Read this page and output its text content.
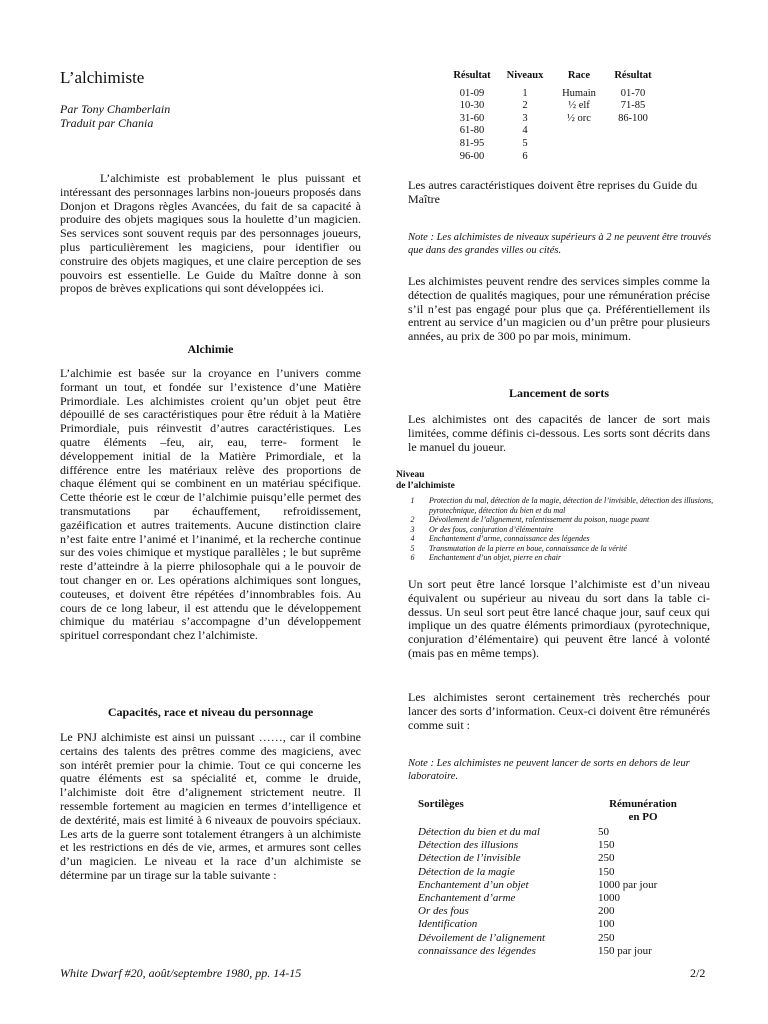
L’alchimiste
Par Tony Chamberlain
Traduit par Chania

L’alchimiste est probablement le plus puissant et intéressant des personnages larbins non-joueurs proposés dans Donjon et Dragons règles Avancées, du fait de sa capacité à produire des objets magiques sous la houlette d’un magicien. Ses services sont souvent requis par des personnages joueurs, plus particulièrement les magiciens, pour identifier ou construire des objets magiques, et une claire perception de ses pouvoirs est essentielle. Le Guide du Maître donne à son propos de brèves explications qui sont développées ici.

Alchimie

L’alchimie est basée sur la croyance en l’univers comme formant un tout, et fondée sur l’existence d’une Matière Primordiale. Les alchimistes croient qu’un objet peut être dépouillé de ses caractéristiques pour être réduit à la Matière Primordiale, puis réinvestit d’autres caractéristiques. Les quatre éléments –feu, air, eau, terre- forment le développement initial de la Matière Primordiale, et la différence entre les matériaux relève des proportions de chaque élément qui se combinent en un matériau spécifique. Cette théorie est le cœur de l’alchimie puisqu’elle permet des transmutations par échauffement, refroidissement, gazéification et autres traitements. Aucune distinction claire n’est faite entre l’animé et l’inanimé, et la recherche continue sur des voies chimique et mystique parallèles ; le but suprême reste d’atteindre à la pierre philosophale qui a le pouvoir de tout changer en or. Les opérations alchimiques sont longues, couteuses, et doivent être répétées d’innombrables fois. Au cours de ce long labeur, il est attendu que le développement chimique du matériau s’accompagne d’un développement spirituel correspondant chez l’alchimiste.

Capacités, race et niveau du personnage

Le PNJ alchimiste est ainsi un puissant ……, car il combine certains des talents des prêtres comme des magiciens, avec son intérêt premier pour la chimie. Tout ce qui concerne les quatre éléments est sa spécialité et, comme le druide, l’alchimiste doit être d’alignement strictement neutre. Il ressemble fortement au magicien en termes d’intelligence et de dextérité, mais est limité à 6 niveaux de pouvoirs spéciaux. Les arts de la guerre sont totalement étrangers à un alchimiste et les restrictions en dés de vie, armes, et armures sont celles d’un magicien. Le niveau et la race d’un alchimiste se détermine par un tirage sur la table suivante :

Résultat	Niveaux	Race	Résultat
01-09	1	Humain	01-70
10-30	2	½ elf	71-85
31-60	3	½ orc	86-100
61-80	4		
81-95	5		
96-00	6		

Les autres caractéristiques doivent être reprises du Guide du Maître

Note : Les alchimistes de niveaux supérieurs à 2 ne peuvent être trouvés que dans des grandes villes ou cités.

Les alchimistes peuvent rendre des services simples comme la détection de qualités magiques, pour une rémunération précise s’il n’est pas engagé pour plus que ça. Préférentiellement ils entrent au service d’un magicien ou d’un prêtre pour plusieurs années, au prix de 300 po par mois, minimum.

Lancement de sorts

Les alchimistes ont des capacités de lancer de sort mais limitées, comme définis ci-dessous. Les sorts sont décrits dans le manuel du joueur.

Niveau
de l’alchimiste
1	Protection du mal, détection de la magie, détection de l’invisible, détection des illusions, pyrotechnique, détection du bien et du mal
2	Dévoilement de l’alignement, ralentissement du poison, nuage puant
3	Or des fous, conjuration d’élémentaire
4	Enchantement d’arme, connaissance des légendes
5	Transmutation de la pierre en boue, connaissance de la vérité
6	Enchantement d’un objet, pierre en chair

Un sort peut être lancé lorsque l’alchimiste est d’un niveau équivalent ou supérieur au niveau du sort dans la table ci-dessus. Un seul sort peut être lancé chaque jour, sauf ceux qui implique un des quatre éléments primordiaux (pyrotechnique, conjuration d’élémentaire) qui peuvent être lancé à volonté (mais pas en même temps).

Les alchimistes seront certainement très recherchés pour lancer des sorts d’information. Ceux-ci doivent être rémunérés comme suit :

Note : Les alchimistes ne peuvent lancer de sorts en dehors de leur laboratoire.

Sortilèges	Rémunération
en PO

Détection du bien et du mal	50
Détection des illusions	150
Détection de l’invisible	250
Détection de la magie	150
Enchantement d’un objet	1000 par jour
Enchantement d’arme	1000
Or des fous	200
Identification	100
Dévoilement de l’alignement	250
connaissance des légendes	150 par jour
White Dwarf #20, août/septembre 1980, pp. 14-15	2/2
